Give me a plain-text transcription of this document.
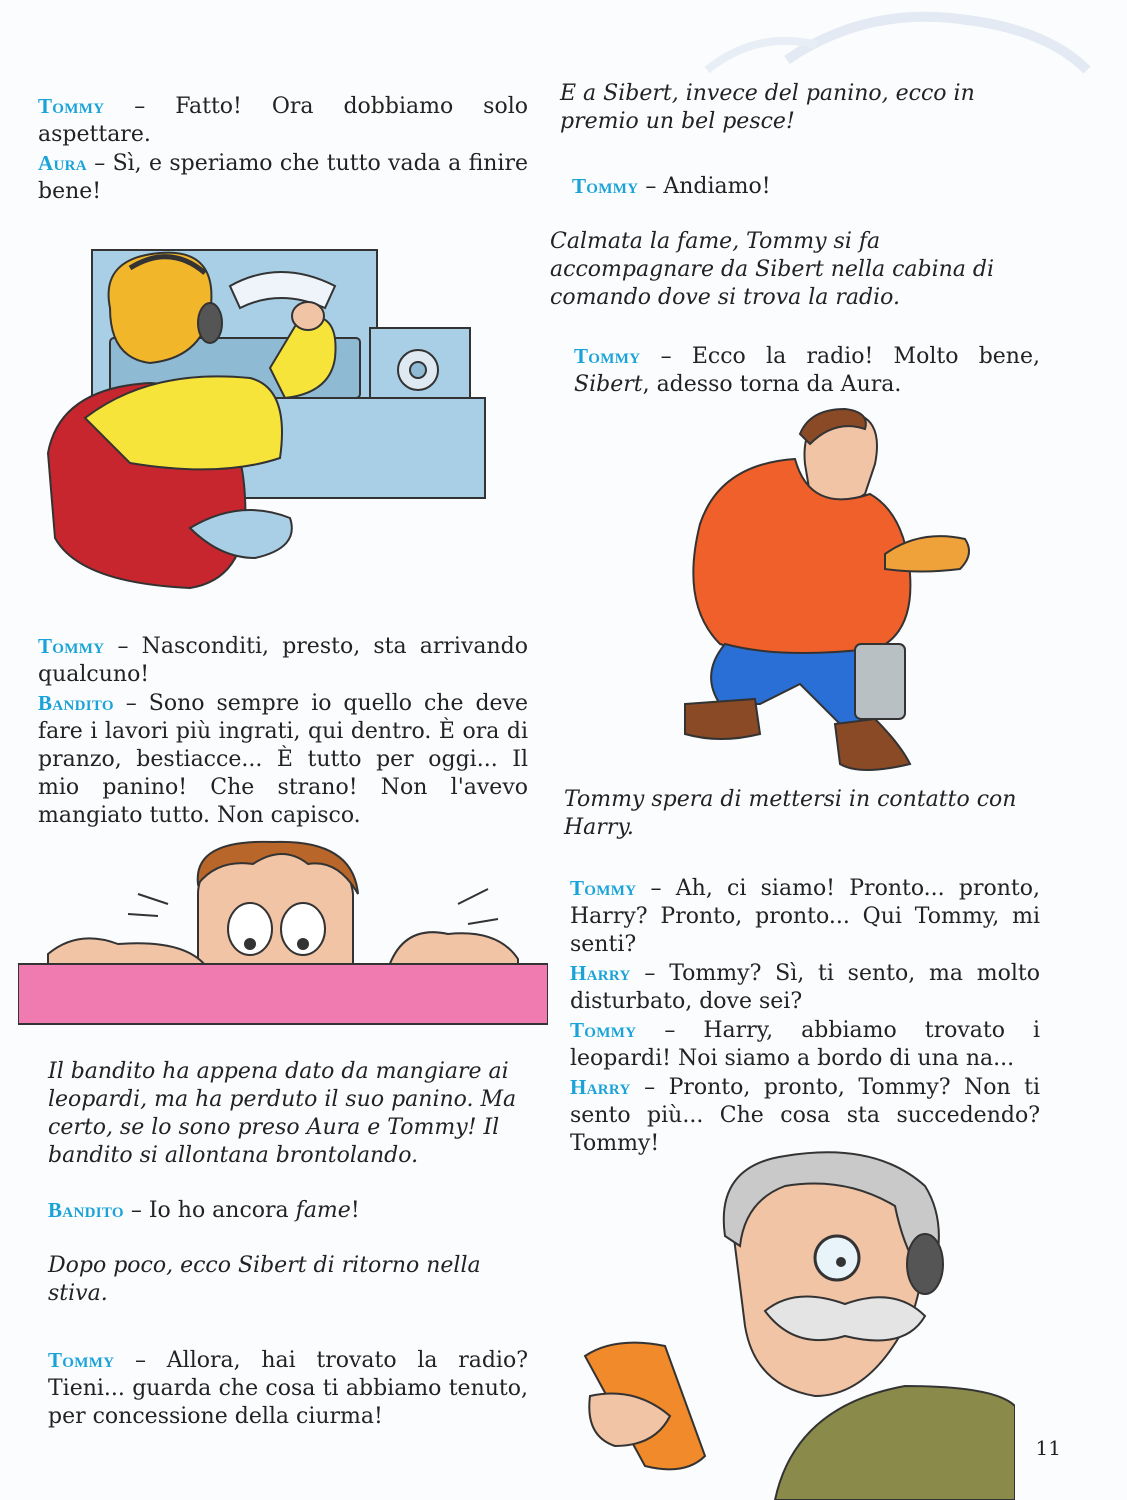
Tommy – Fatto! Ora dobbiamo solo aspettare.

Aura – Sì, e speriamo che tutto vada a finire bene!

Tommy – Nasconditi, presto, sta arrivando qualcuno!

Bandito – Sono sempre io quello che deve fare i lavori più ingrati, qui dentro. È ora di pranzo, bestiacce... È tutto per oggi... Il mio panino! Che strano! Non l'avevo mangiato tutto. Non capisco.

Il bandito ha appena dato da mangiare ai leopardi, ma ha perduto il suo panino. Ma certo, se lo sono preso Aura e Tommy! Il bandito si allontana brontolando.

Bandito – Io ho ancora fame!

Dopo poco, ecco Sibert di ritorno nella stiva.

Tommy – Allora, hai trovato la radio? Tieni... guarda che cosa ti abbiamo tenuto, per concessione della ciurma!

E a Sibert, invece del panino, ecco in premio un bel pesce!

Tommy – Andiamo!

Calmata la fame, Tommy si fa accompagnare da Sibert nella cabina di comando dove si trova la radio.

Tommy – Ecco la radio! Molto bene, Sibert, adesso torna da Aura.

Tommy spera di mettersi in contatto con Harry.

Tommy – Ah, ci siamo! Pronto... pronto, Harry? Pronto, pronto... Qui Tommy, mi senti?

Harry – Tommy? Sì, ti sento, ma molto disturbato, dove sei?

Tommy – Harry, abbiamo trovato i leopardi! Noi siamo a bordo di una na...

Harry – Pronto, pronto, Tommy? Non ti sento più... Che cosa sta succedendo? Tommy!

11
